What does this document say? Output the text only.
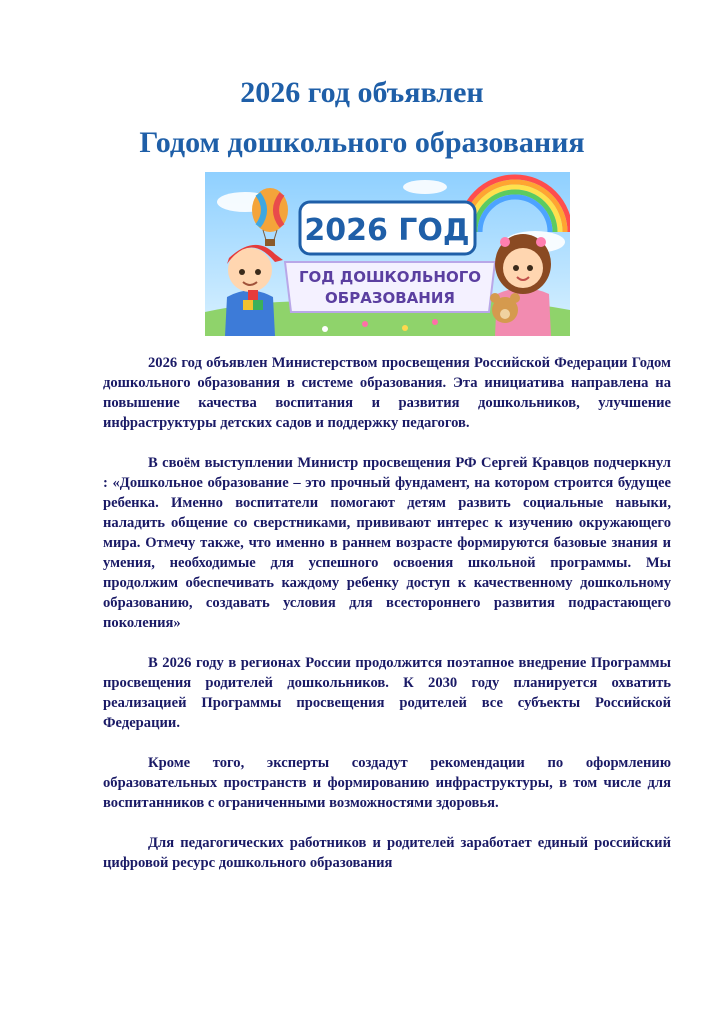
2026 год объявлен
Годом дошкольного образования
2026 ГОД
ГОД ДОШКОЛЬНОГО
ОБРАЗОВАНИЯ

2026 год объявлен Министерством просвещения Российской Федерации Годом дошкольного образования в системе образования. Эта инициатива направлена на повышение качества воспитания и развития дошкольников, улучшение инфраструктуры детских садов и поддержку педагогов.

В своём выступлении Министр просвещения РФ Сергей Кравцов подчеркнул : «Дошкольное образование – это прочный фундамент, на котором строится будущее ребенка. Именно воспитатели помогают детям развить социальные навыки, наладить общение со сверстниками, прививают интерес к изучению окружающего мира. Отмечу также, что именно в раннем возрасте формируются базовые знания и умения, необходимые для успешного освоения школьной программы. Мы продолжим обеспечивать каждому ребенку доступ к качественному дошкольному образованию, создавать условия для всестороннего развития подрастающего поколения»

В 2026 году в регионах России продолжится поэтапное внедрение Программы просвещения родителей дошкольников. К 2030 году планируется охватить реализацией Программы просвещения родителей все субъекты Российской Федерации.

Кроме того, эксперты создадут рекомендации по оформлению образовательных пространств и формированию инфраструктуры, в том числе для воспитанников с ограниченными возможностями здоровья.

Для педагогических работников и родителей заработает единый российский цифровой ресурс дошкольного образования
